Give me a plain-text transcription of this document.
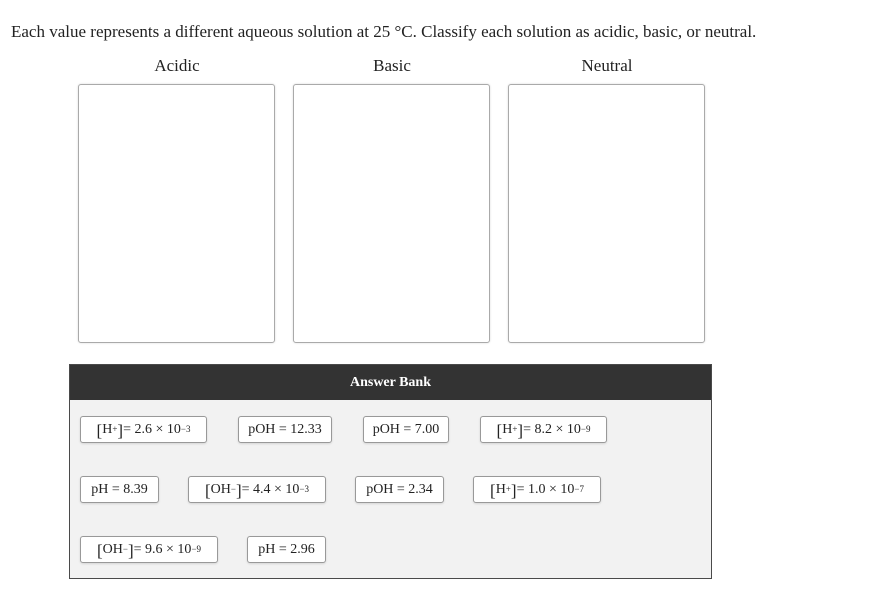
Each value represents a different aqueous solution at 25 °C. Classify each solution as acidic, basic, or neutral.
Acidic	Basic	Neutral
Answer Bank
[ H+ ] = $2.6 \times 10^{-3}$	pOH = 12.33	pOH = 7.00	[ H+ ] = $8.2 \times 10^{-9}$
pH = 8.39	[ OH− ] = $4.4 \times 10^{-3}$	pOH = 2.34	[ H+ ] = $1.0 \times 10^{-7}$
[ OH− ] = $9.6 \times 10^{-9}$	pH = 2.96
